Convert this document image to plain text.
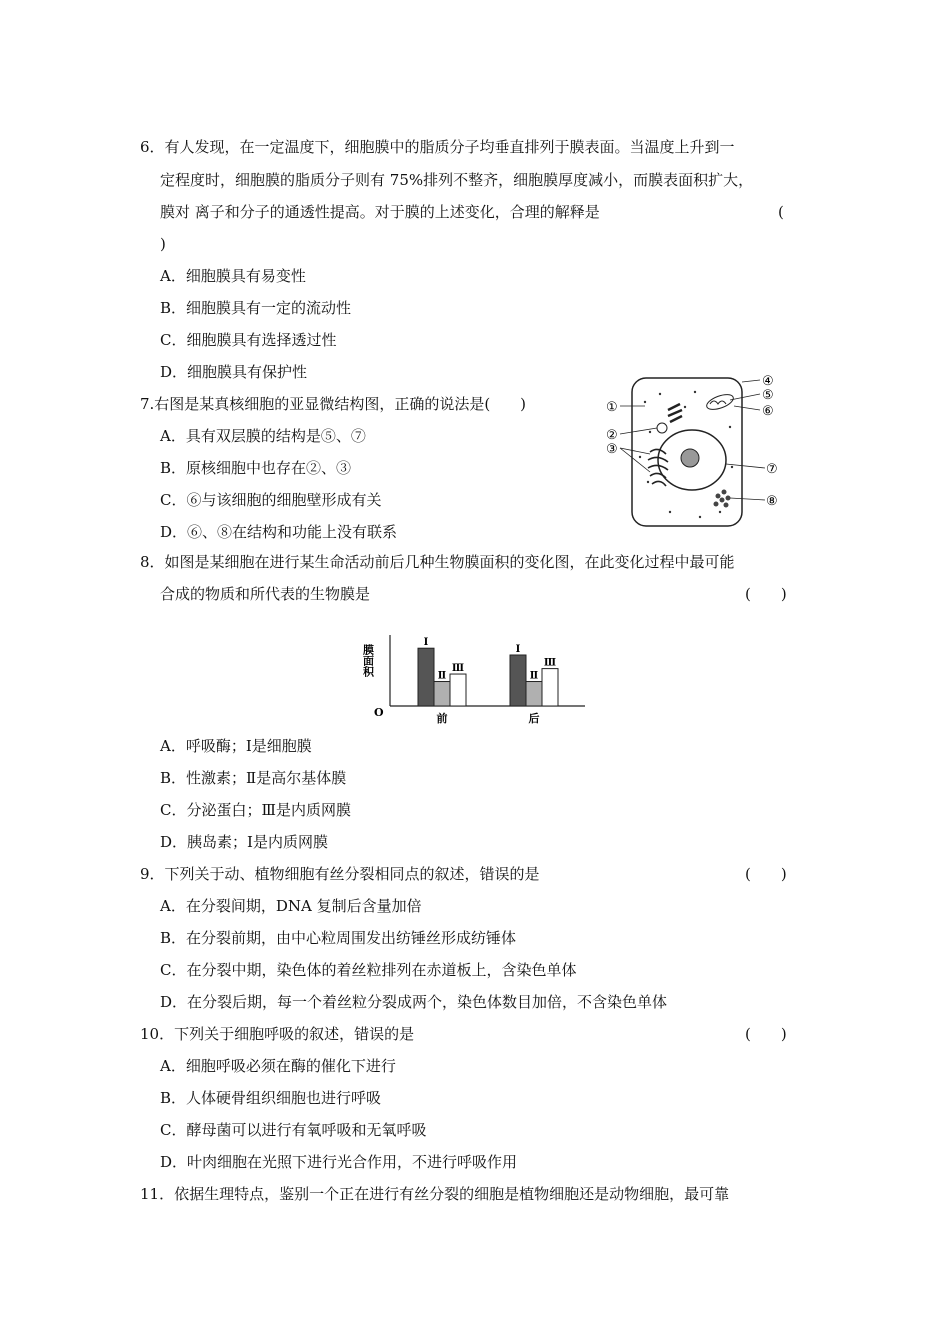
6．有人发现，在一定温度下，细胞膜中的脂质分子均垂直排列于膜表面。当温度上升到一
定程度时，细胞膜的脂质分子则有 75%排列不整齐，细胞膜厚度减小，而膜表面积扩大，
膜对 离子和分子的通透性提高。对于膜的上述变化，合理的解释是	(
)
A．细胞膜具有易变性
B．细胞膜具有一定的流动性
C．细胞膜具有选择透过性
D．细胞膜具有保护性
7.右图是某真核细胞的亚显微结构图，正确的说法是(　　)
A．具有双层膜的结构是⑤、⑦
B．原核细胞中也存在②、③
C．⑥与该细胞的细胞壁形成有关
D．⑥、⑧在结构和功能上没有联系
①
②
③
④
⑤
⑥
⑦
⑧
8．如图是某细胞在进行某生命活动前后几种生物膜面积的变化图，在此变化过程中最可能
合成的物质和所代表的生物膜是	(　　)
膜面积
O
Ⅰ
Ⅱ
Ⅲ
Ⅰ
Ⅱ
Ⅲ
前	后
A．呼吸酶；Ⅰ是细胞膜
B．性激素；Ⅱ是高尔基体膜
C．分泌蛋白；Ⅲ是内质网膜
D．胰岛素；Ⅰ是内质网膜
9．下列关于动、植物细胞有丝分裂相同点的叙述，错误的是	(　　)
A．在分裂间期，DNA 复制后含量加倍
B．在分裂前期，由中心粒周围发出纺锤丝形成纺锤体
C．在分裂中期，染色体的着丝粒排列在赤道板上，含染色单体
D．在分裂后期，每一个着丝粒分裂成两个，染色体数目加倍，不含染色单体
10．下列关于细胞呼吸的叙述，错误的是	(　　)
A．细胞呼吸必须在酶的催化下进行
B．人体硬骨组织细胞也进行呼吸
C．酵母菌可以进行有氧呼吸和无氧呼吸
D．叶肉细胞在光照下进行光合作用，不进行呼吸作用
11．依据生理特点，鉴别一个正在进行有丝分裂的细胞是植物细胞还是动物细胞，最可靠
